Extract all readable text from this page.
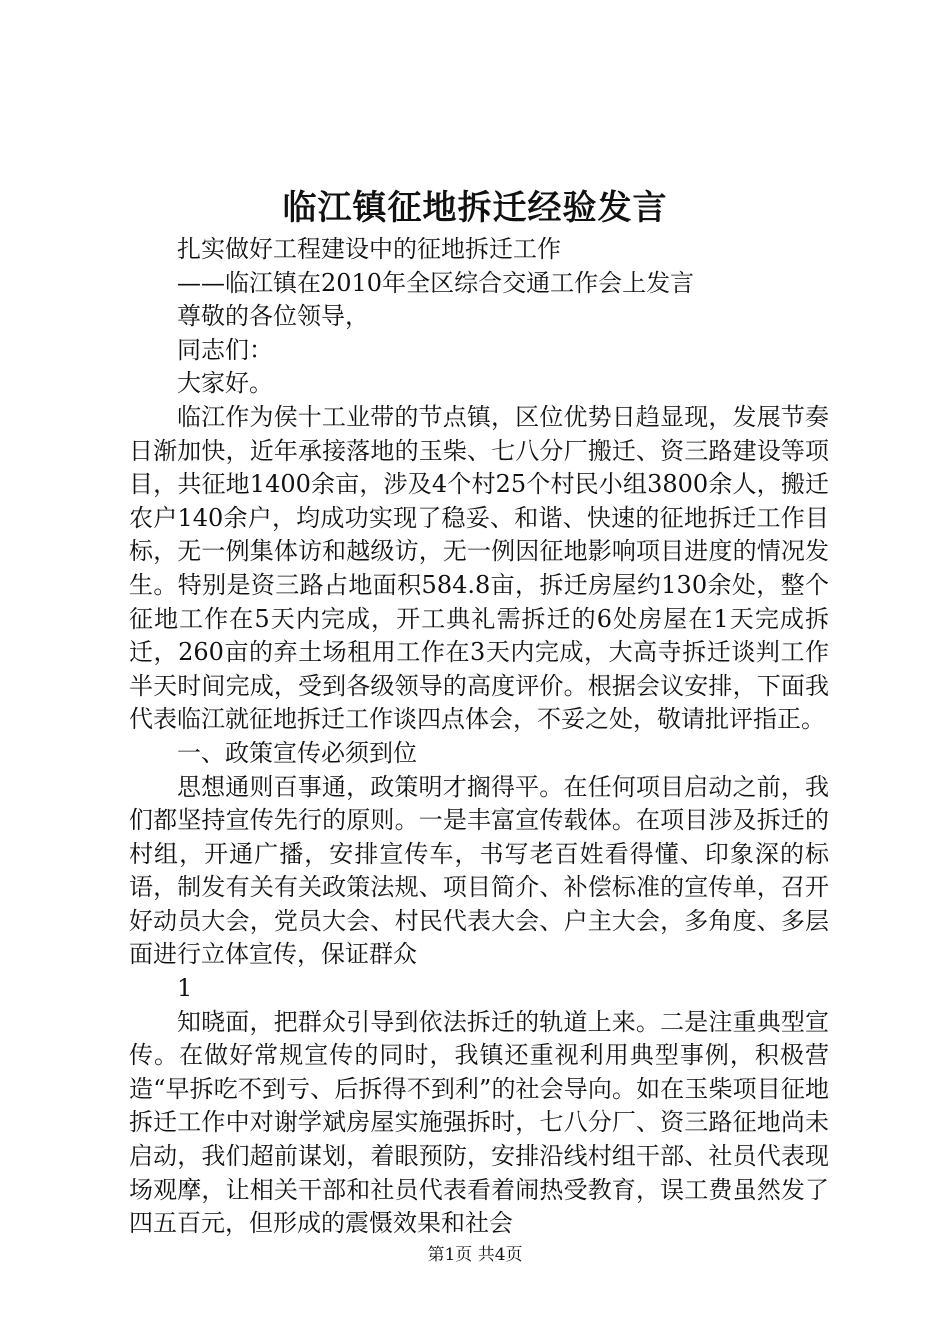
临江镇征地拆迁经验发言

扎实做好工程建设中的征地拆迁工作

——临江镇在2010年全区综合交通工作会上发言

尊敬的各位领导，

同志们：

大家好。

临江作为侯十工业带的节点镇，区位优势日趋显现，发展节奏日渐加快，近年承接落地的玉柴、七八分厂搬迁、资三路建设等项目，共征地1400余亩，涉及4个村25个村民小组3800余人，搬迁农户140余户，均成功实现了稳妥、和谐、快速的征地拆迁工作目标，无一例集体访和越级访，无一例因征地影响项目进度的情况发生。特别是资三路占地面积584.8亩，拆迁房屋约130余处，整个征地工作在5天内完成，开工典礼需拆迁的6处房屋在1天完成拆迁，260亩的弃土场租用工作在3天内完成，大高寺拆迁谈判工作半天时间完成，受到各级领导的高度评价。根据会议安排，下面我代表临江就征地拆迁工作谈四点体会，不妥之处，敬请批评指正。

一、政策宣传必须到位

思想通则百事通，政策明才搁得平。在任何项目启动之前，我们都坚持宣传先行的原则。一是丰富宣传载体。在项目涉及拆迁的村组，开通广播，安排宣传车，书写老百姓看得懂、印象深的标语，制发有关有关政策法规、项目简介、补偿标准的宣传单，召开好动员大会，党员大会、村民代表大会、户主大会，多角度、多层面进行立体宣传，保证群众

1

知晓面，把群众引导到依法拆迁的轨道上来。二是注重典型宣传。在做好常规宣传的同时，我镇还重视利用典型事例，积极营造“早拆吃不到亏、后拆得不到利”的社会导向。如在玉柴项目征地拆迁工作中对谢学斌房屋实施强拆时，七八分厂、资三路征地尚未启动，我们超前谋划，着眼预防，安排沿线村组干部、社员代表现场观摩，让相关干部和社员代表看着闹热受教育，误工费虽然发了四五百元，但形成的震慑效果和社会

第1页 共4页
